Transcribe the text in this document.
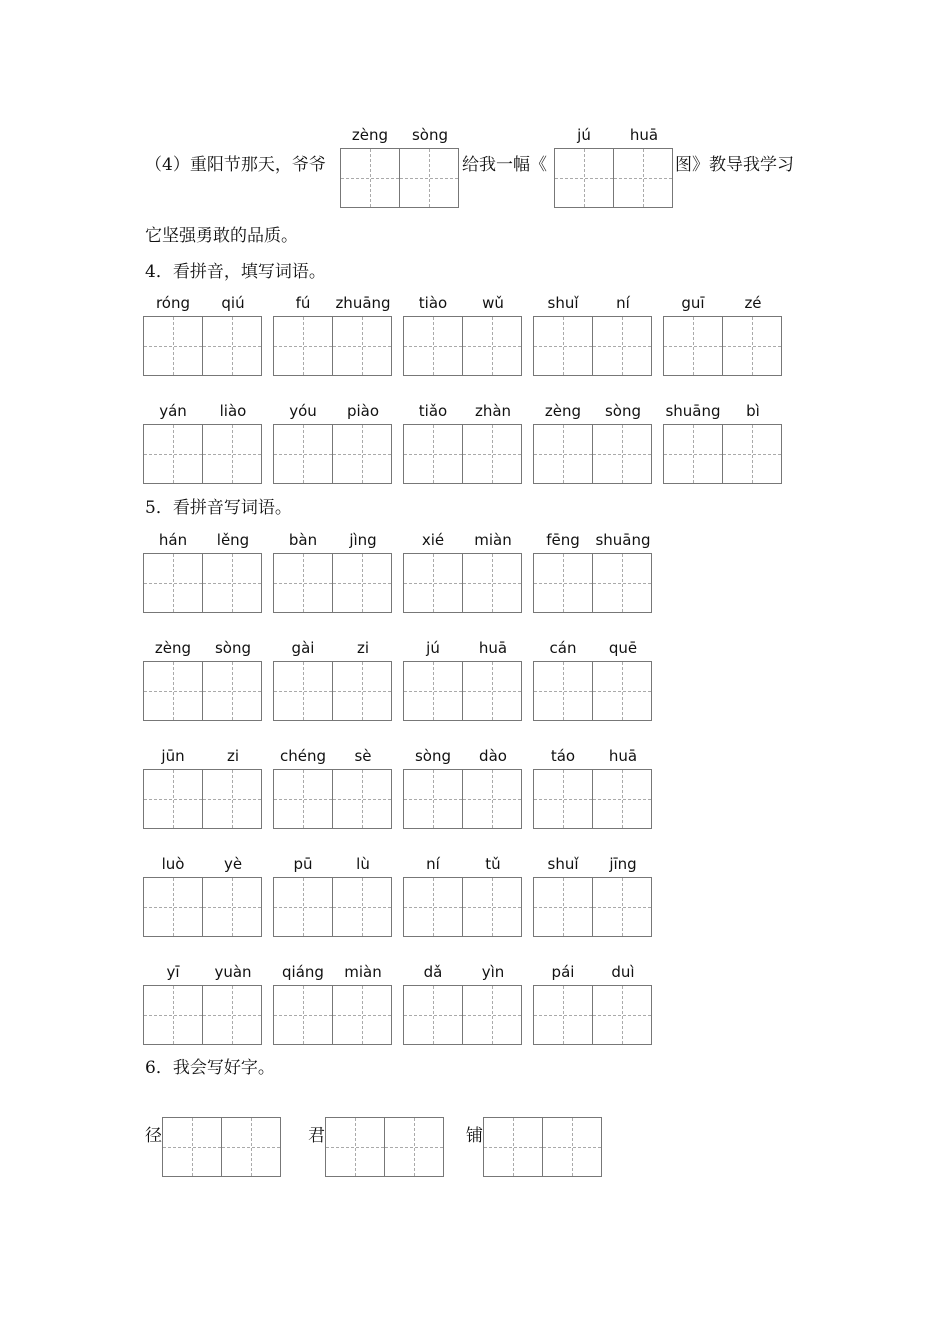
（4）重阳节那天，爷爷
zèng	sòng
给我一幅《
jú	huā
图》教导我学习
它坚强勇敢的品质。
4．看拼音，填写词语。
róng	qiú	fú	zhuāng	tiào	wǔ	shuǐ	ní	guī	zé
yán	liào	yóu	piào	tiǎo	zhàn	zèng	sòng	shuāng	bì
5．看拼音写词语。
hán	lěng	bàn	jìng	xié	miàn	fēng	shuāng
zèng	sòng	gài	zi	jú	huā	cán	quē
jūn	zi	chéng	sè	sòng	dào	táo	huā
luò	yè	pū	lù	ní	tǔ	shuǐ	jīng
yī	yuàn	qiáng	miàn	dǎ	yìn	pái	duì
6．我会写好字。
径	君	铺
